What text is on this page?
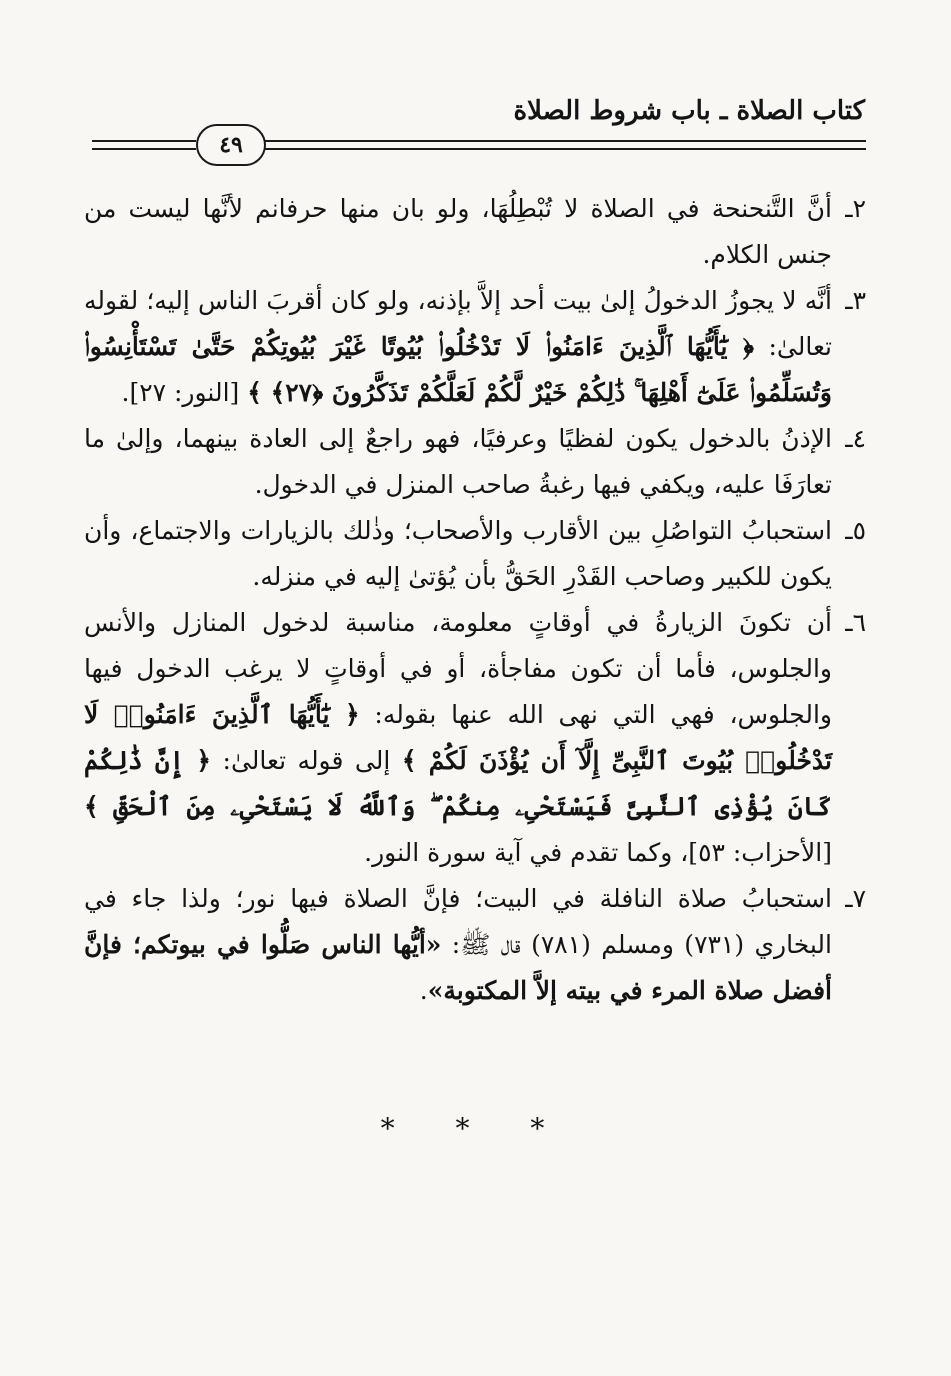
كتاب الصلاة ـ باب شروط الصلاة
٤٩

٢ـأنَّ التَّنحنحة في الصلاة لا تُبْطِلُهَا، ولو بان منها حرفانم لأنَّها ليست من جنس الكلام.

٣ـأنَّه لا يجوزُ الدخولُ إلىٰ بيت أحد إلاَّ بإذنه، ولو كان أقربَ الناس إليه؛ لقوله تعالىٰ: ﴿ يَٰٓأَيُّهَا ٱلَّذِينَ ءَامَنُوا۟ لَا تَدْخُلُوا۟ بُيُوتًا غَيْرَ بُيُوتِكُمْ حَتَّىٰ تَسْتَأْنِسُوا۟ وَتُسَلِّمُوا۟ عَلَىٰٓ أَهْلِهَا ۚ ذَٰلِكُمْ خَيْرٌ لَّكُمْ لَعَلَّكُمْ تَذَكَّرُونَ ﴿٢٧﴾ ﴾ [النور: ٢٧].

٤ـالإذنُ بالدخول يكون لفظيًا وعرفيًا، فهو راجعٌ إلى العادة بينهما، وإلىٰ ما تعارَفَا عليه، ويكفي فيها رغبةُ صاحب المنزل في الدخول.

٥ـاستحبابُ التواصُلِ بين الأقارب والأصحاب؛ وذٰلك بالزيارات والاجتماع، وأن يكون للكبير وصاحب القَدْرِ الحَقُّ بأن يُؤتىٰ إليه في منزله.

٦ـأن تكونَ الزيارةُ في أوقاتٍ معلومة، مناسبة لدخول المنازل والأنس والجلوس، فأما أن تكون مفاجأة، أو في أوقاتٍ لا يرغب الدخول فيها والجلوس، فهي التي نهى الله عنها بقوله: ﴿ يَٰٓأَيُّهَا ٱلَّذِينَ ءَامَنُوا۟ لَا تَدْخُلُوا۟ بُيُوتَ ٱلنَّبِىِّ إِلَّآ أَن يُؤْذَنَ لَكُمْ ﴾ إلى قوله تعالىٰ: ﴿ إِنَّ ذَٰلِكُمْ كَانَ يُؤْذِى ٱلنَّبِىَّ فَيَسْتَحْىِۦ مِنكُمْ ۖ وَٱللَّهُ لَا يَسْتَحْىِۦ مِنَ ٱلْحَقِّ ﴾ [الأحزاب: ٥٣]، وكما تقدم في آية سورة النور.

٧ـاستحبابُ صلاة النافلة في البيت؛ فإنَّ الصلاة فيها نور؛ ولذا جاء في البخاري (٧٣١) ومسلم (٧٨١) قال ﷺ: «أيُّها الناس صَلُّوا في بيوتكم؛ فإنَّ أفضل صلاة المرء في بيته إلاَّ المكتوبة».

* * *
